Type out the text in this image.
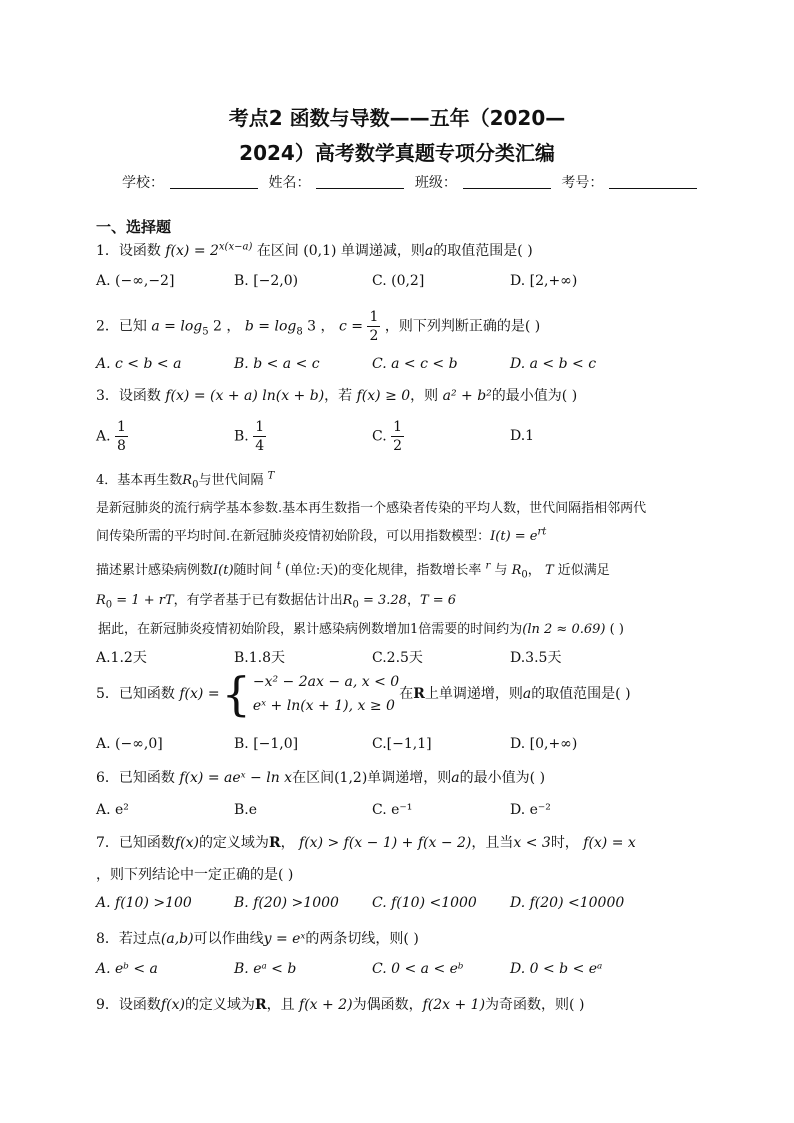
考点2 函数与导数——五年（2020—
2024）高考数学真题专项分类汇编
学校：	姓名：	班级：	考号：
一、选择题
1．设函数 $f(x) = 2^{x(x-a)}$ 在区间 (0,1) 单调递减，则a的取值范围是( )
A. (−∞,−2]	B. [−2,0)	C. (0,2]	D. [2,+∞)
2．已知 $a = \log_5 2$ ， $b = \log_8 3$ ， $c = \frac{1}{2}$ ，则下列判断正确的是( )
A. c < b < a	B. b < a < c	C. a < c < b	D. a < b < c
3．设函数 f(x) = (x + a) ln(x + b)，若 f(x) ≥ 0，则 a² + b²的最小值为( )
A. $\frac{1}{8}$	B. $\frac{1}{4}$	C. $\frac{1}{2}$	D.1
4．基本再生数$R_0$与世代间隔 $^T$
是新冠肺炎的流行病学基本参数.基本再生数指一个感染者传染的平均人数，世代间隔指相邻两代
间传染所需的平均时间.在新冠肺炎疫情初始阶段，可以用指数模型：$I(t) = e^{rt}$
描述累计感染病例数I(t)随时间 $^t$ (单位:天)的变化规律，指数增长率 $^r$ 与 $R_0$， T 近似满足
$R_0 = 1$ + rT，有学者基于已有数据估计出$R_0 = 3.28$，T = 6
据此，在新冠肺炎疫情初始阶段，累计感染病例数增加1倍需要的时间约为(ln 2 ≈ 0.69) ( )
A.1.2天	B.1.8天	C.2.5天	D.3.5天
5．已知函数 f(x) ={ −x² − 2ax − a, x < 0
eˣ + ln(x + 1), x ≥ 0
在R上单调递增，则a的取值范围是( )
A. (−∞,0]	B. [−1,0]	C.[−1,1]	D. [0,+∞)
6．已知函数 f(x) = aeˣ − ln x在区间(1,2)单调递增，则a的最小值为( )
A. e²	B.e	C. e⁻¹	D. e⁻²
7．已知函数f(x)的定义域为R， f(x) > f(x − 1) + f(x − 2)，且当x < 3时， f(x) = x
，则下列结论中一定正确的是( )
A. f(10) >100	B. f(20) >1000 C. f(10) <1000 D. f(20) <10000
8．若过点(a,b)可以作曲线y = eˣ的两条切线，则( )
A. eᵇ < a	B. eᵃ < b	C. 0 < a < eᵇ	D. 0 < b < eᵃ
9．设函数f(x)的定义域为R，且 f(x + 2)为偶函数，f(2x + 1)为奇函数，则( )
